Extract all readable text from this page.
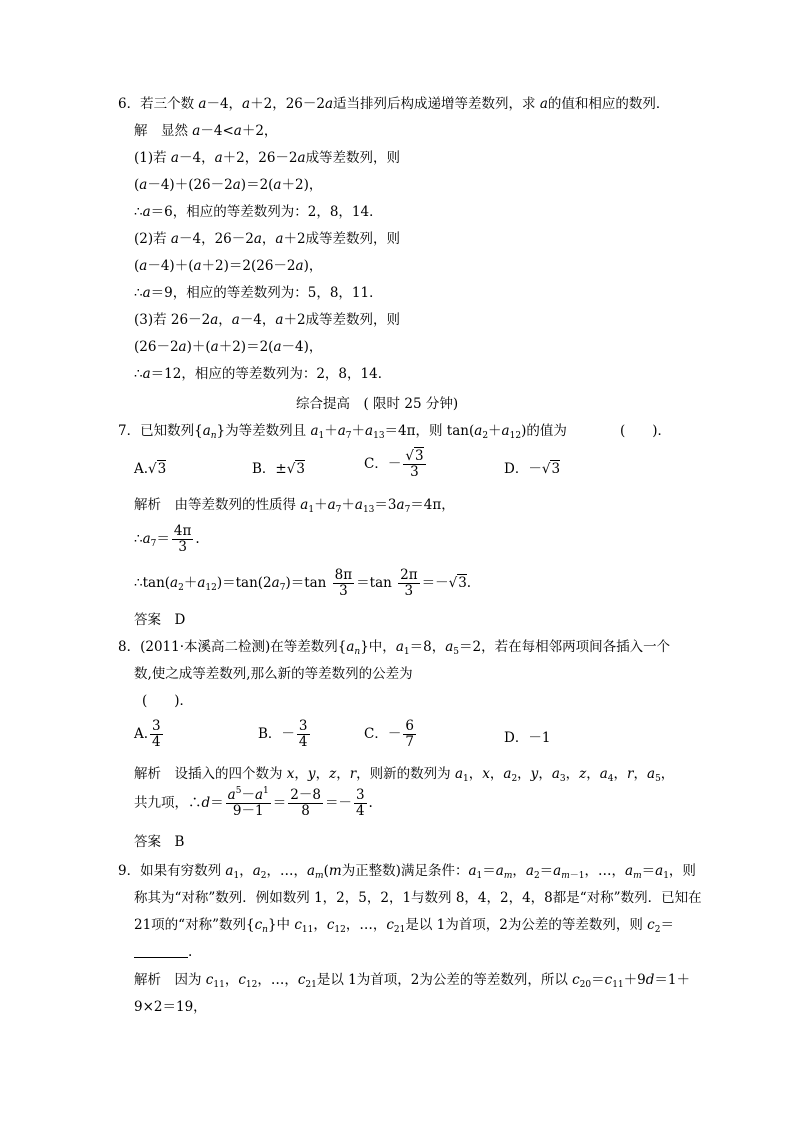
6．若三个数 a－4，a＋2，26－2a适当排列后构成递增等差数列，求 a的值和相应的数列．
解　显然 a－4<a＋2，
(1)若 a－4，a＋2，26－2a成等差数列，则
(a－4)＋(26－2a)＝2(a＋2)，
∴a＝6，相应的等差数列为：2，8，14．
(2)若 a－4，26－2a，a＋2成等差数列，则
(a－4)＋(a＋2)＝2(26－2a)，
∴a＝9，相应的等差数列为：5，8，11．
(3)若 26－2a，a－4，a＋2成等差数列，则
(26－2a)＋(a＋2)＝2(a－4)，
∴a＝12，相应的等差数列为：2，8，14．
综合提高　( 限时 25 分钟)
7．已知数列$\{a_n\}$为等差数列且 $a_1+a_7+a_{13}=4\pi$，则 $\tan(a_2+a_{12})$的值为	(　　)．
A.√3	B．±√3	C．－ $\frac{√3}{3}$	D．－√3
解析　由等差数列的性质得 $a_1+a_7+a_{13}=3a_7=4\pi$，
$\therefore a_7= \frac{4\pi}{3}$ .
$\therefore\tan(a_2+a_{12})=\tan(2a_7)=\tan \frac{8\pi}{3} =\tan \frac{2\pi}{3} =-√3$.
答案　D
8．(2011·本溪高二检测)在等差数列$\{a_n\}$中，$a_1=8$，$a_5=2$，若在每相邻两项间各插入一个
数,使之成等差数列,那么新的等差数列的公差为
(　　)．
A. $\frac{3}{4}$	B．－ $\frac{3}{4}$	C．－ $\frac{6}{7}$	D．－1
解析　设插入的四个数为 x，y，z，r，则新的数列为 $a_1$，x，$a_2$，y，$a_3$，z，$a_4$，r，$a_5$，
共九项，∴d＝ $\frac{a^5-a^1}{9-1} = \frac{2-8}{8} =- \frac{3}{4}$ .
答案　B
9．如果有穷数列 $a_1$，$a_2$，…，$a_m(m$为正整数)满足条件：$a_1=a_m$，$a_2=a_{m-1}$，…，$a_m=a_1$，则
称其为“对称”数列．例如数列 1，2，5，2，1与数列 8，4，2，4，8都是“对称”数列．已知在
21项的“对称”数列$\{c_n\}$中 $c_{11}$，$c_{12}$，…，$c_{21}$是以 1为首项，2为公差的等差数列，则 $c_2=$
.
解析　因为 $c_{11}$，$c_{12}$，…，$c_{21}$是以 1为首项，2为公差的等差数列，所以 $c_{20}=c_{11}+9d=1+$
9×2＝19，
